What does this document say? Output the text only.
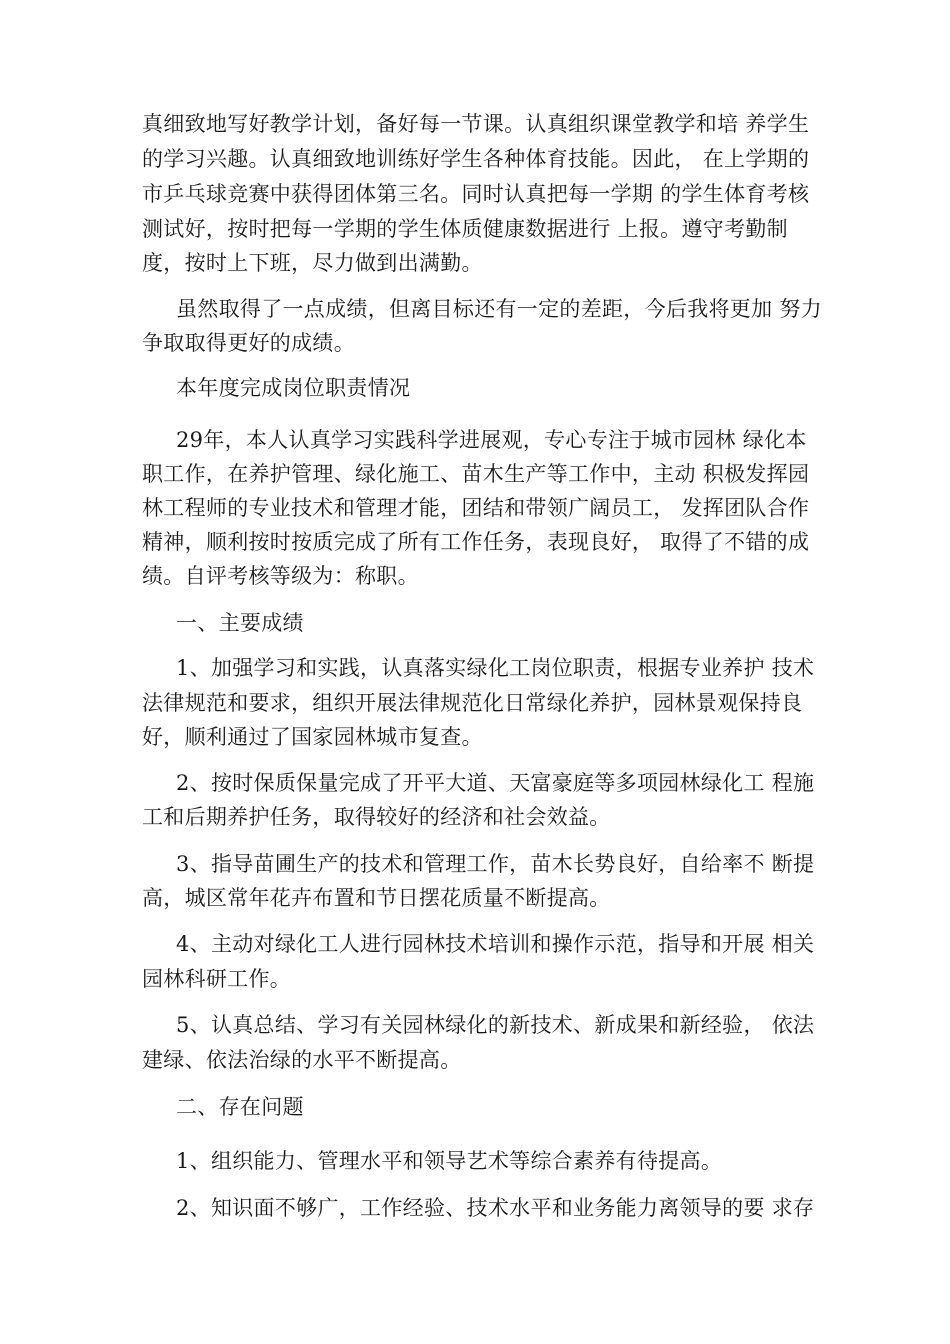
真细致地写好教学计划，备好每一节课。认真组织课堂教学和培 养学生
的学习兴趣。认真细致地训练好学生各种体育技能。因此， 在上学期的
市乒乓球竞赛中获得团体第三名。同时认真把每一学期 的学生体育考核
测试好，按时把每一学期的学生体质健康数据进行 上报。遵守考勤制
度，按时上下班，尽力做到出满勤。
虽然取得了一点成绩，但离目标还有一定的差距，今后我将更加 努力
争取取得更好的成绩。
本年度完成岗位职责情况
29年，本人认真学习实践科学进展观，专心专注于城市园林 绿化本
职工作，在养护管理、绿化施工、苗木生产等工作中，主动 积极发挥园
林工程师的专业技术和管理才能，团结和带领广阔员工， 发挥团队合作
精神，顺利按时按质完成了所有工作任务，表现良好， 取得了不错的成
绩。自评考核等级为：称职。
一、主要成绩
1、加强学习和实践，认真落实绿化工岗位职责，根据专业养护 技术
法律规范和要求，组织开展法律规范化日常绿化养护，园林景观保持良
好，顺利通过了国家园林城市复查。
2、按时保质保量完成了开平大道、天富豪庭等多项园林绿化工 程施
工和后期养护任务，取得较好的经济和社会效益。
3、指导苗圃生产的技术和管理工作，苗木长势良好，自给率不 断提
高，城区常年花卉布置和节日摆花质量不断提高。
4、主动对绿化工人进行园林技术培训和操作示范，指导和开展 相关
园林科研工作。
5、认真总结、学习有关园林绿化的新技术、新成果和新经验， 依法
建绿、依法治绿的水平不断提高。
二、存在问题
1、组织能力、管理水平和领导艺术等综合素养有待提高。
2、知识面不够广，工作经验、技术水平和业务能力离领导的要 求存
